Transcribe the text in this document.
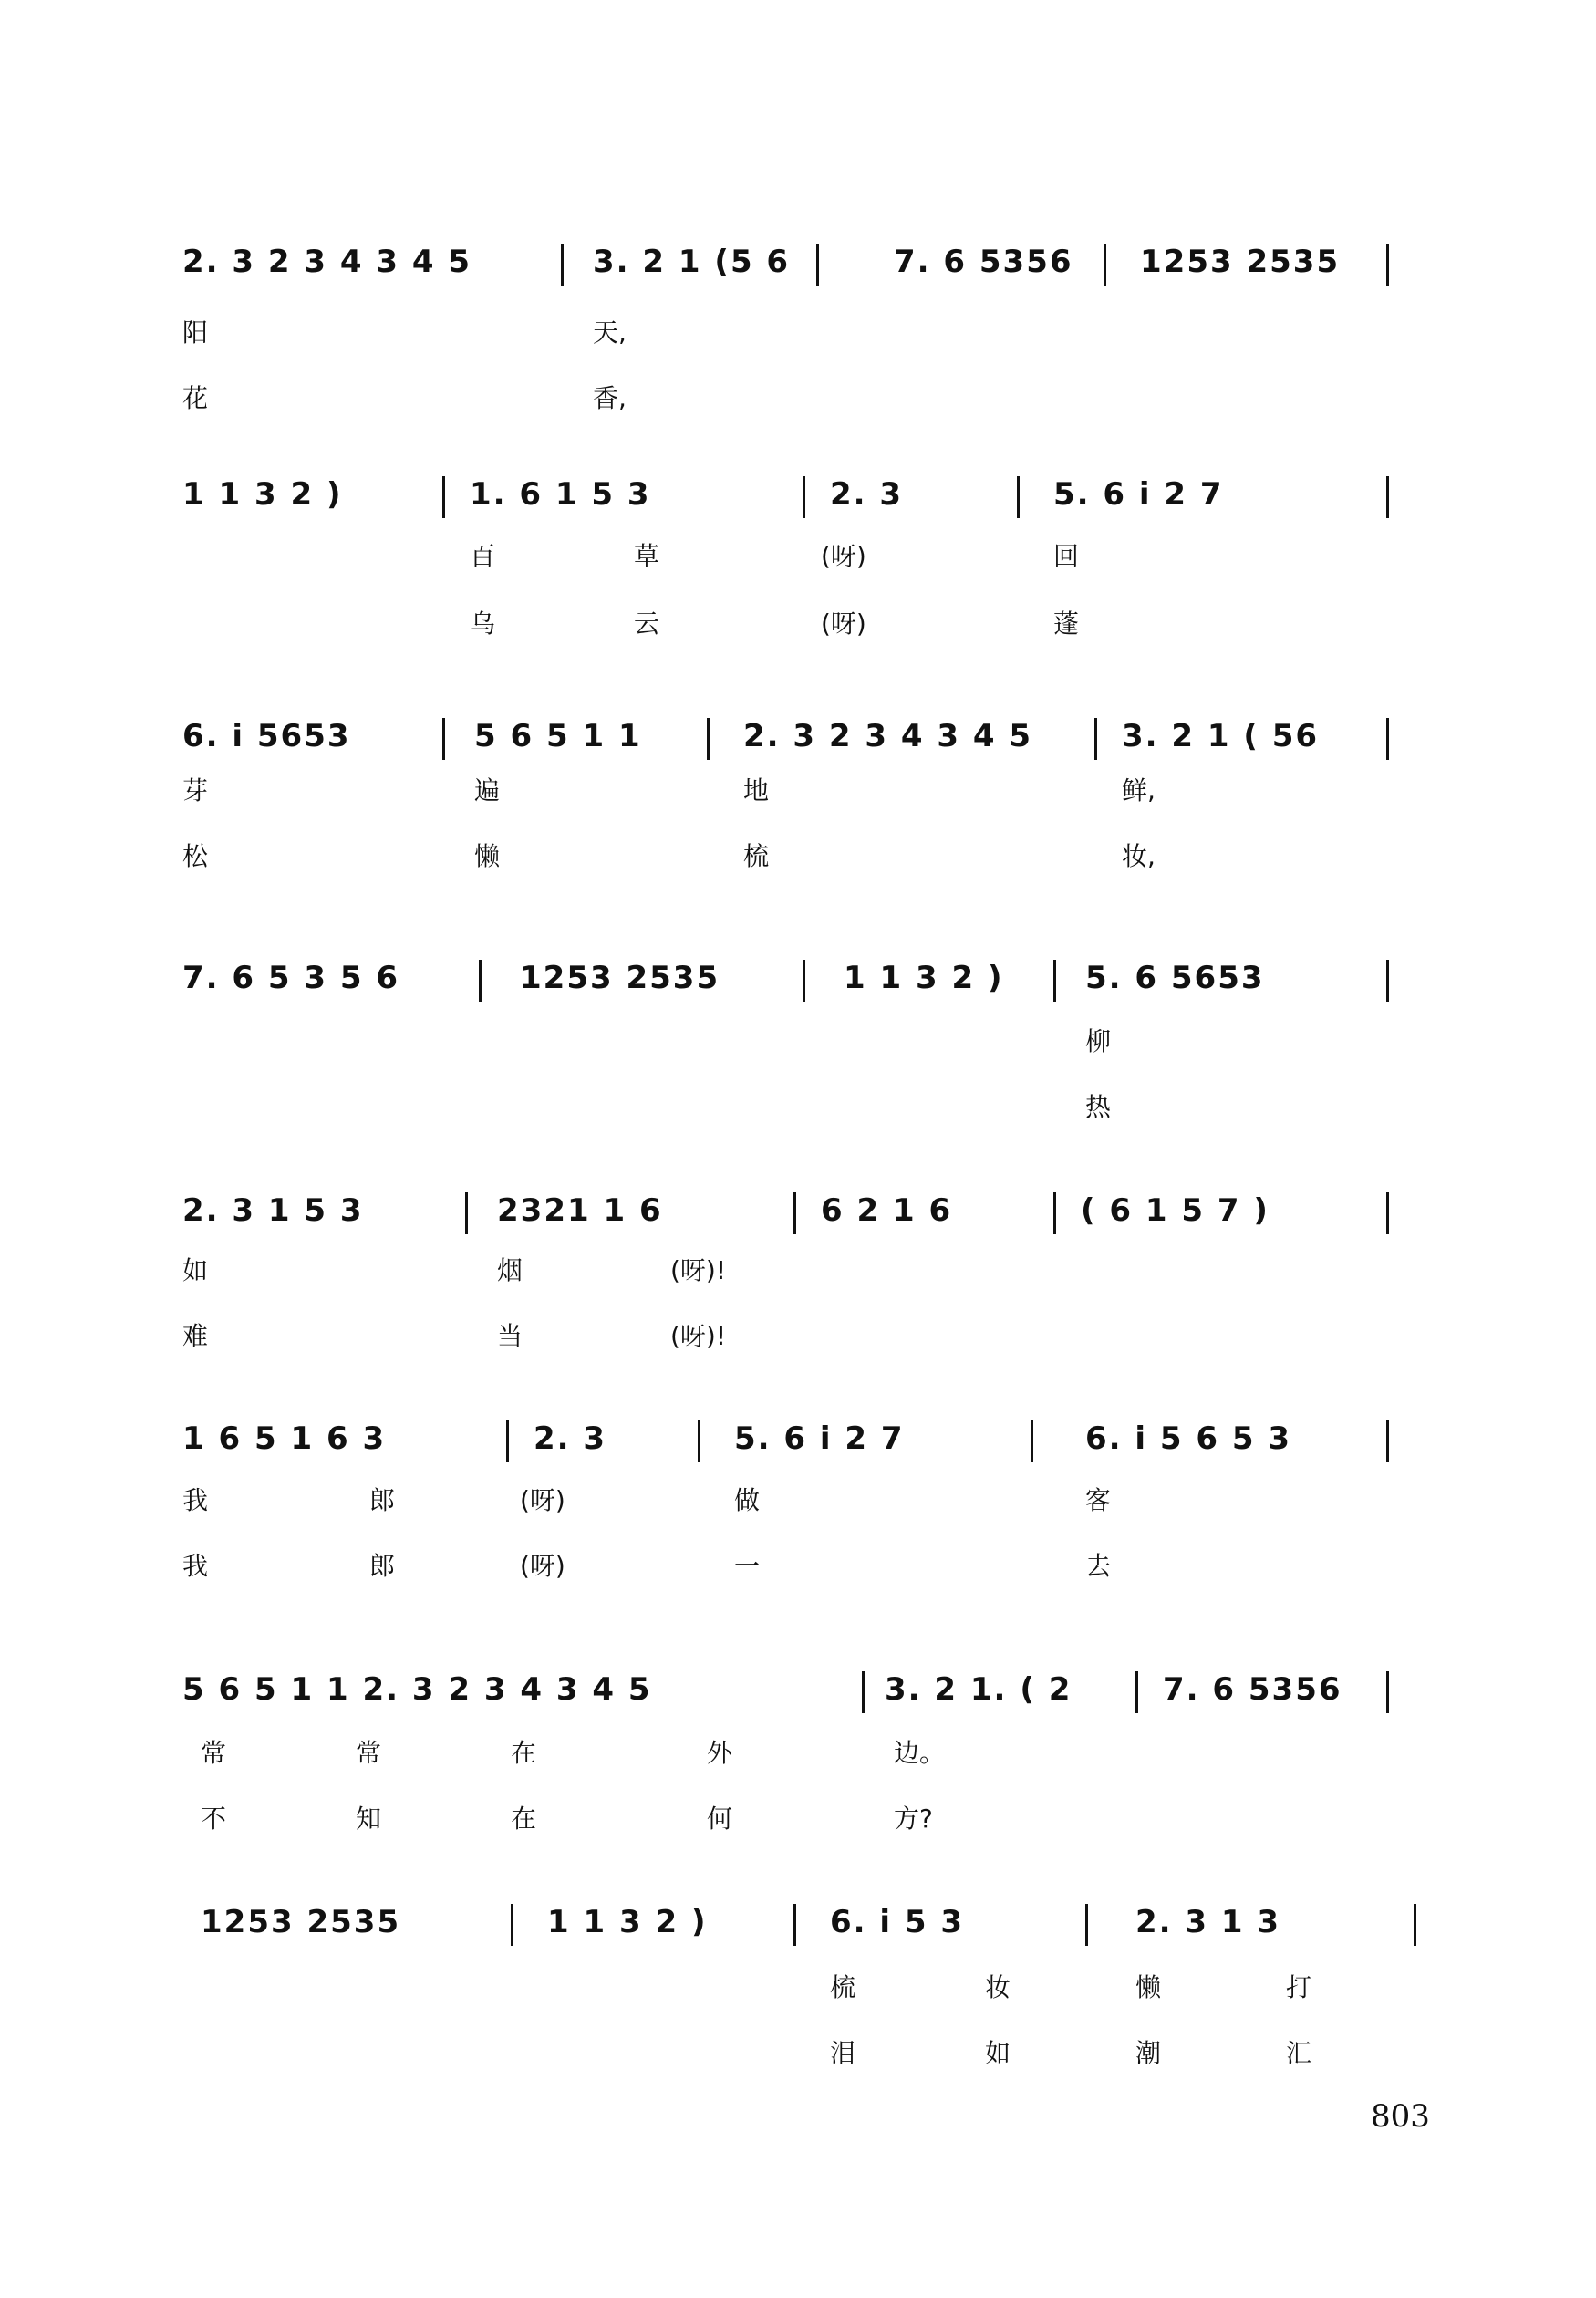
2. 3 2 3 4 3 4 5	3. 2 1 (5 6	7. 6 5356 1253 2535
阳	天,
花	香,
1 1 3 2 )	1. 6 1 5 3	2. 3	5. 6 i 2 7
百	草	(呀)	回
乌	云	(呀)	蓬
6. i 5653	5 6 5 1 1	2. 3 2 3 4 3 4 5	3. 2 1 ( 56
芽	遍	地	鲜,
松	懒	梳	妆,
7. 6 5 3 5 6	1253 2535	1 1 3 2 )	5. 6 5653
柳
热
2. 3 1 5 3	2321 1 6	6 2 1 6	( 6 1 5 7 )
如	烟	(呀)!
难	当	(呀)!
1 6 5 1 6 3	2. 3	5. 6 i 2 7	6. i 5 6 5 3
我	郎	(呀)	做	客
我	郎	(呀)	一	去
5 6 5 1 1 2. 3 2 3 4 3 4 5	3. 2 1. ( 2	7. 6 5356
常	常	在	外	边。
不	知	在	何	方?
1253 2535	1 1 3 2 )	6. i 5 3	2. 3 1 3
梳	妆	懒	打
泪	如	潮	汇
803
